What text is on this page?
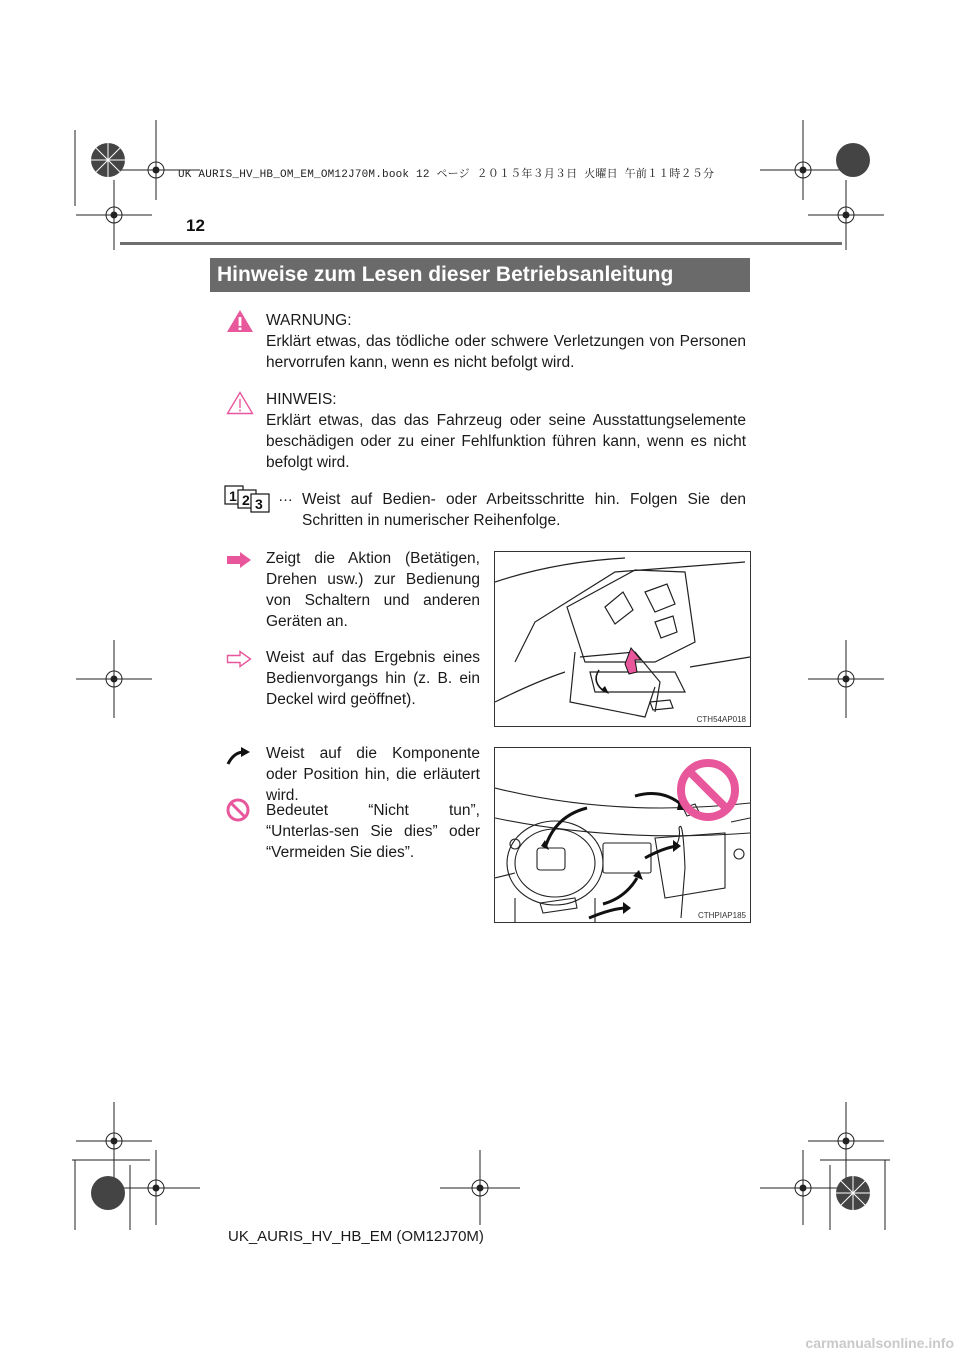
UK AURIS_HV_HB_OM_EM_OM12J70M.book 12 ページ ２０１５年３月３日 火曜日 午前１１時２５分
12
Hinweise zum Lesen dieser Betriebsanleitung
WARNUNG:
Erklärt etwas, das tödliche oder schwere Verletzungen von Personen hervorrufen kann, wenn es nicht befolgt wird.
HINWEIS:
Erklärt etwas, das das Fahrzeug oder seine Ausstattungselemente beschädigen oder zu einer Fehlfunktion führen kann, wenn es nicht befolgt wird.
1 2 3 … Weist auf Bedien- oder Arbeitsschritte hin. Folgen Sie den Schritten in numerischer Reihenfolge.
Zeigt die Aktion (Betätigen, Drehen usw.) zur Bedienung von Schaltern und anderen Geräten an.
Weist auf das Ergebnis eines Bedienvorgangs hin (z. B. ein Deckel wird geöffnet).
Weist auf die Komponente oder Position hin, die erläutert wird.
Bedeutet “Nicht tun”, “Unterlas-sen Sie dies” oder “Vermeiden Sie dies”.
CTH54AP018
CTHPIAP185
UK_AURIS_HV_HB_EM (OM12J70M)
carmanualsonline.info
